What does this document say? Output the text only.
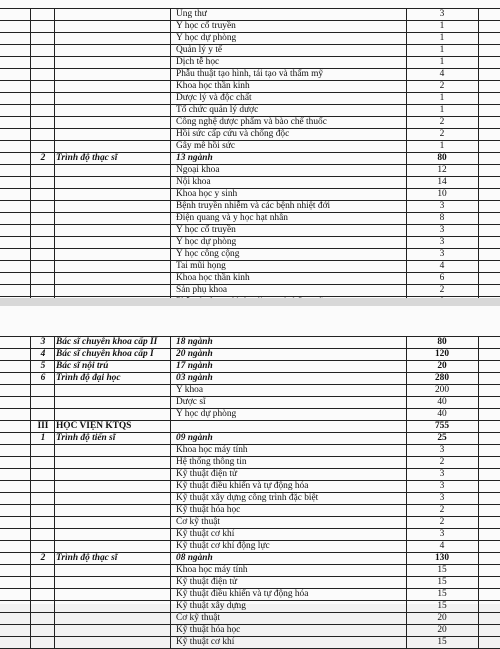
Ung thư	3
Y học cổ truyền	1
Y học dự phòng	1
Quản lý y tế	1
Dịch tễ học	1
Phẫu thuật tạo hình, tái tạo và thẩm mỹ	4
Khoa học thần kinh	2
Dược lý và độc chất	1
Tổ chức quản lý dược	1
Công nghệ dược phẩm và bào chế thuốc	2
Hồi sức cấp cứu và chống độc	2
Gây mê hồi sức	1
2	Trình độ thạc sĩ	13 ngành	80
Ngoại khoa	12
Nội khoa	14
Khoa học y sinh	10
Bệnh truyền nhiễm và các bệnh nhiệt đới	3
Điện quang và y học hạt nhân	8
Y học cổ truyền	3
Y học dự phòng	3
Y học công cộng	3
Tai mũi họng	4
Khoa học thần kinh	6
Sản phụ khoa	2
3	Bác sĩ chuyên khoa cấp II	18 ngành	80
4	Bác sĩ chuyên khoa cấp I	20 ngành	120
5	Bác sĩ nội trú	17 ngành	20
6	Trình độ đại học	03 ngành	280
Y khoa	200
Dược sĩ	40
Y học dự phòng	40
III HỌC VIỆN KTQS	755
1	Trình độ tiến sĩ	09 ngành	25
Khoa học máy tính	3
Hệ thống thông tin	2
Kỹ thuật điện tử	3
Kỹ thuật điều khiển và tự động hóa	3
Kỹ thuật xây dựng công trình đặc biệt	3
Kỹ thuật hóa học	2
Cơ kỹ thuật	2
Kỹ thuật cơ khí	3
Kỹ thuật cơ khí động lực	4
2	Trình độ thạc sĩ	08 ngành	130
Khoa học máy tính	15
Kỹ thuật điện tử	15
Kỹ thuật điều khiển và tự động hóa	15
Kỹ thuật xây dựng	15
Cơ kỹ thuật	20
Kỹ thuật hóa học	20
Kỹ thuật cơ khí	15
